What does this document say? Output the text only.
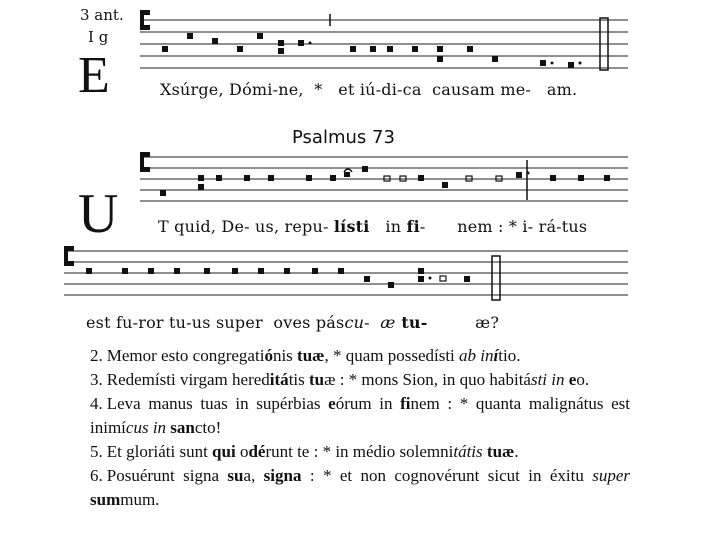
3 ant.
I g
E	Xsúrge, Dómi-ne,  *   et iú-di-ca  causam me-   am.
Psalmus 73
U T quid, De- us, repu- lísti   in fi-      nem : * i- rá-tus
est fu-ror tu-us super  oves páscu-  æ tu-         æ?
2. Memor esto congregatiónis tuæ, * quam possedísti ab inítio.
3. Redemísti virgam hereditátis tuæ : * mons Sion, in quo habitásti in eo.
4. Leva manus tuas in supérbias eórum in finem : * quanta malignátus est inimícus in sancto!
5. Et gloriáti sunt qui odérunt te : * in médio solemnitátis tuæ.
6. Posuérunt signa sua, signa : * et non cognovérunt sicut in éxitu super summum.
